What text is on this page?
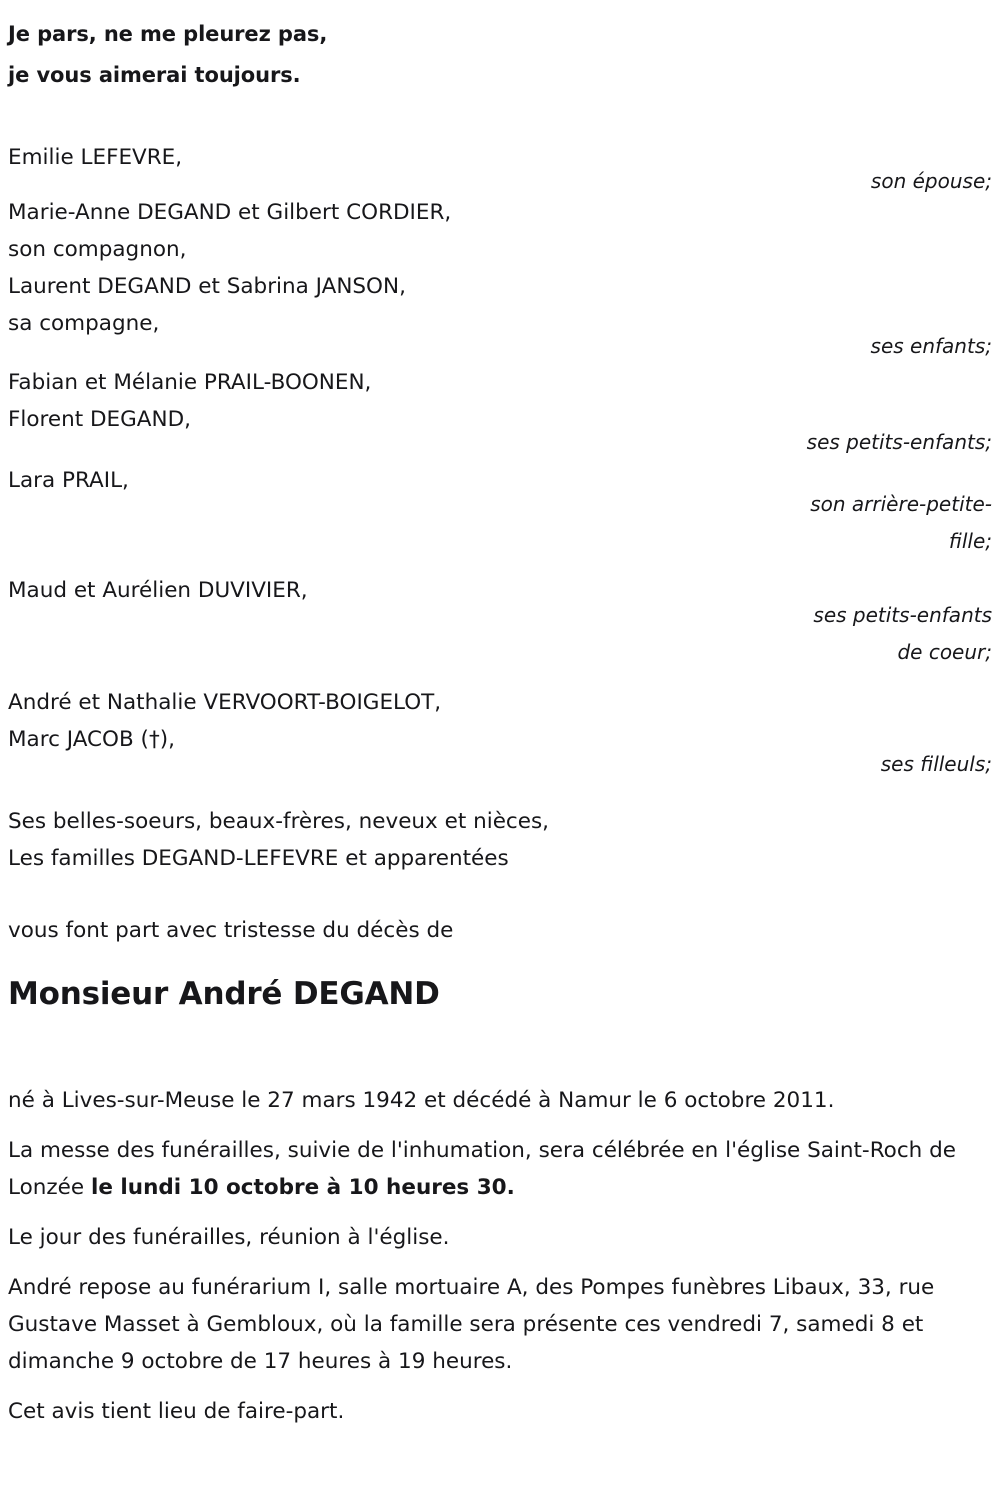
Je pars, ne me pleurez pas,
je vous aimerai toujours.
Emilie LEFEVRE,
son épouse;
Marie-Anne DEGAND et Gilbert CORDIER,
son compagnon,
Laurent DEGAND et Sabrina JANSON,
sa compagne,
ses enfants;
Fabian et Mélanie PRAIL-BOONEN,
Florent DEGAND,
ses petits-enfants;
Lara PRAIL,
son arrière-petite-
fille;
Maud et Aurélien DUVIVIER,
ses petits-enfants
de coeur;
André et Nathalie VERVOORT-BOIGELOT,
Marc JACOB (†),
ses filleuls;
Ses belles-soeurs, beaux-frères, neveux et nièces,
Les familles DEGAND-LEFEVRE et apparentées
vous font part avec tristesse du décès de
Monsieur André DEGAND

né à Lives-sur-Meuse le 27 mars 1942 et décédé à Namur le 6 octobre 2011.

La messe des funérailles, suivie de l'inhumation, sera célébrée en l'église Saint-Roch de Lonzée le lundi 10 octobre à 10 heures 30.

Le jour des funérailles, réunion à l'église.

André repose au funérarium I, salle mortuaire A, des Pompes funèbres Libaux, 33, rue Gustave Masset à Gembloux, où la famille sera présente ces vendredi 7, samedi 8 et dimanche 9 octobre de 17 heures à 19 heures.

Cet avis tient lieu de faire-part.
